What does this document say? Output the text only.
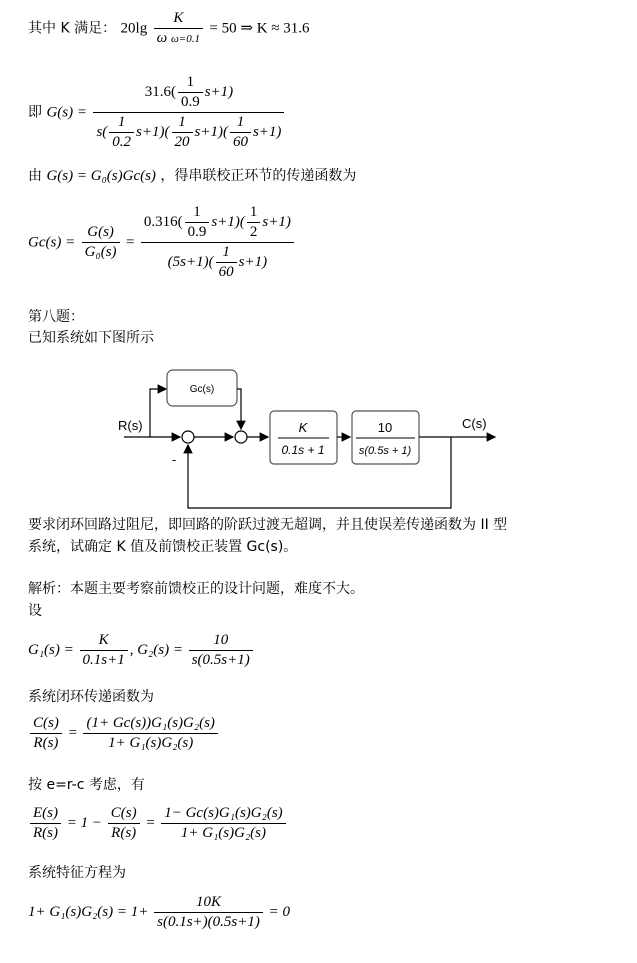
其中 K 满足： $20\lg \frac{K}{\text{ω ω=0.1}} = 50$ ⇒ K ≈ 31.6
即 $G(s) = \frac{31.6( \frac{1}{0.9} s+1)}{s( \frac{1}{0.2} s+1)( \frac{1}{20} s+1)( \frac{1}{60} s+1)}$
由 G(s) = G₀(s)Gc(s) ，得串联校正环节的传递函数为
$Gc(s) = \frac{G(s)}{\text{G₀(s)}} = \frac{0.316( \frac{1}{0.9} s+1)( \frac{1}{2} s+1)}{(5s+1)( \frac{1}{60} s+1)}$
第八题：
已知系统如下图所示
Gc(s)
K
0.1s + 1
10
s(0.5s + 1)
R(s)	C(s)
-
要求闭环回路过阻尼，即回路的阶跃过渡无超调，并且使误差传递函数为 II 型
系统，试确定 K 值及前馈校正装置 Gc(s)。
解析：本题主要考察前馈校正的设计问题，难度不大。
设
$G_1(s) = \frac{K}{0.1s+1}$ , $G_2(s) = \frac{10}{s(0.5s+1)}$
系统闭环传递函数为
$\frac{C(s)}{R(s)} = \frac{\text{(1+ Gc(s))G₁(s)G₂(s)}}{\text{1+ G₁(s)G₂(s)}}$
按 e=r-c 考虑，有
$\frac{E(s)}{R(s)} = 1 - \frac{C(s)}{R(s)} = \frac{\text{1− Gc(s)G₁(s)G₂(s)}}{\text{1+ G₁(s)G₂(s)}}$
系统特征方程为
$1+ G_1(s)G_2(s) = 1+ \frac{10K}{s(0.1s+)(0.5s+1)} = 0$
